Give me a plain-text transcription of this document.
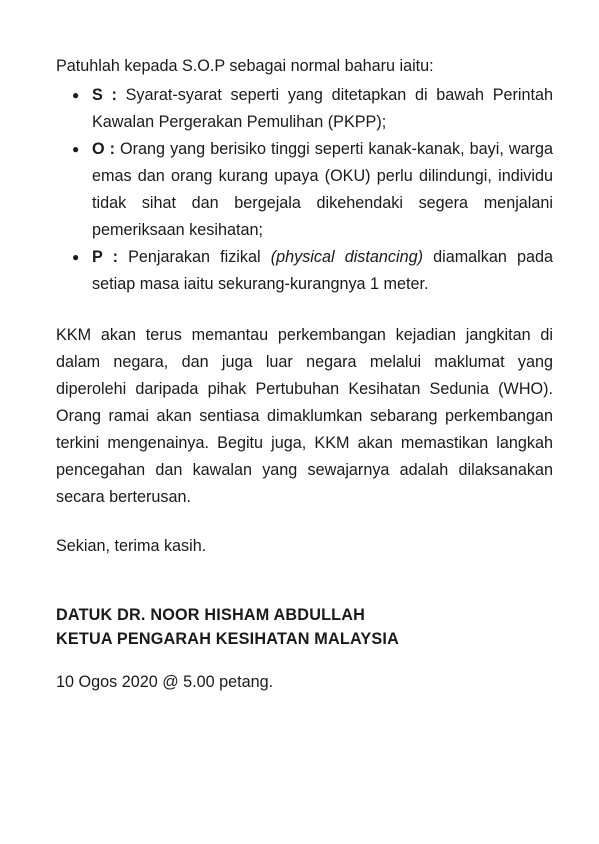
Patuhlah kepada S.O.P sebagai normal baharu iaitu:

● S : Syarat-syarat seperti yang ditetapkan di bawah Perintah Kawalan Pergerakan Pemulihan (PKPP);
● O : Orang yang berisiko tinggi seperti kanak-kanak, bayi, warga emas dan orang kurang upaya (OKU) perlu dilindungi, individu tidak sihat dan bergejala dikehendaki segera menjalani pemeriksaan kesihatan;
● P : Penjarakan fizikal (physical distancing) diamalkan pada setiap masa iaitu sekurang-kurangnya 1 meter.

KKM akan terus memantau perkembangan kejadian jangkitan di dalam negara, dan juga luar negara melalui maklumat yang diperolehi daripada pihak Pertubuhan Kesihatan Sedunia (WHO). Orang ramai akan sentiasa dimaklumkan sebarang perkembangan terkini mengenainya. Begitu juga, KKM akan memastikan langkah pencegahan dan kawalan yang sewajarnya adalah dilaksanakan secara berterusan.

Sekian, terima kasih.

DATUK DR. NOOR HISHAM ABDULLAH
KETUA PENGARAH KESIHATAN MALAYSIA

10 Ogos 2020 @ 5.00 petang.
